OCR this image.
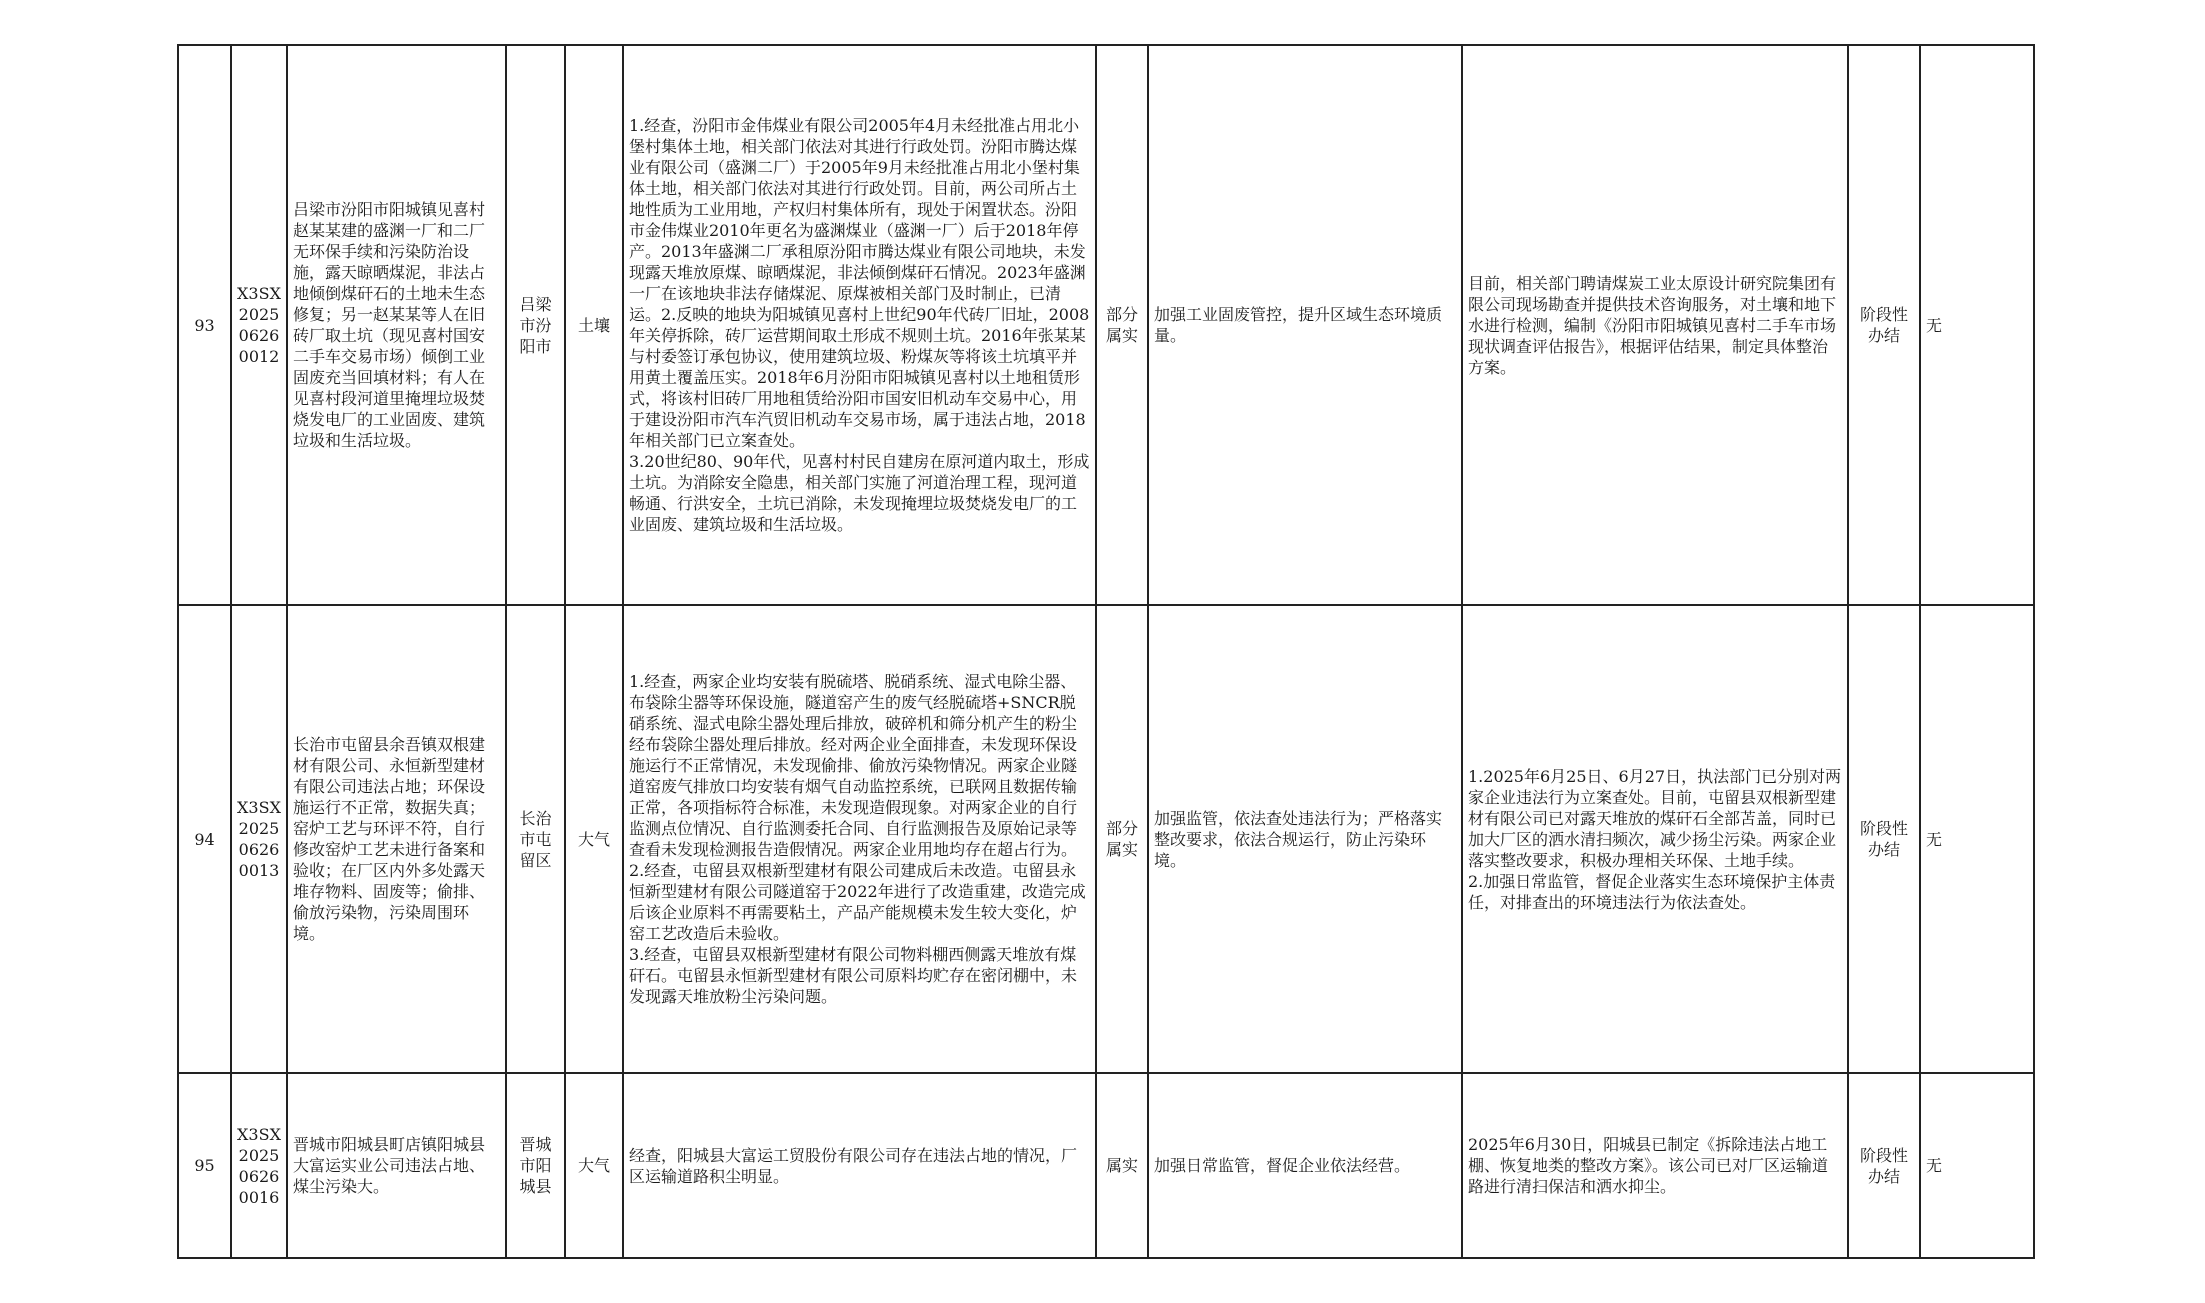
93	X3SX202506260012	吕梁市汾阳市阳城镇见喜村赵某某建的盛渊一厂和二厂无环保手续和污染防治设施，露天晾晒煤泥，非法占地倾倒煤矸石的土地未生态修复；另一赵某某等人在旧砖厂取土坑（现见喜村国安二手车交易市场）倾倒工业固废充当回填材料；有人在见喜村段河道里掩埋垃圾焚烧发电厂的工业固废、建筑垃圾和生活垃圾。	吕梁市汾阳市	土壤	1.经查，汾阳市金伟煤业有限公司2005年4月未经批准占用北小堡村集体土地，相关部门依法对其进行行政处罚。汾阳市腾达煤业有限公司（盛渊二厂）于2005年9月未经批准占用北小堡村集体土地，相关部门依法对其进行行政处罚。目前，两公司所占土地性质为工业用地，产权归村集体所有，现处于闲置状态。汾阳市金伟煤业2010年更名为盛渊煤业（盛渊一厂）后于2018年停产。2013年盛渊二厂承租原汾阳市腾达煤业有限公司地块，未发现露天堆放原煤、晾晒煤泥，非法倾倒煤矸石情况。2023年盛渊一厂在该地块非法存储煤泥、原煤被相关部门及时制止，已清运。2.反映的地块为阳城镇见喜村上世纪90年代砖厂旧址，2008年关停拆除，砖厂运营期间取土形成不规则土坑。2016年张某某与村委签订承包协议，使用建筑垃圾、粉煤灰等将该土坑填平并用黄土覆盖压实。2018年6月汾阳市阳城镇见喜村以土地租赁形式，将该村旧砖厂用地租赁给汾阳市国安旧机动车交易中心，用于建设汾阳市汽车汽贸旧机动车交易市场，属于违法占地，2018年相关部门已立案查处。
3.20世纪80、90年代，见喜村村民自建房在原河道内取土，形成土坑。为消除安全隐患，相关部门实施了河道治理工程，现河道畅通、行洪安全，土坑已消除，未发现掩埋垃圾焚烧发电厂的工业固废、建筑垃圾和生活垃圾。	部分属实	加强工业固废管控，提升区域生态环境质量。	目前，相关部门聘请煤炭工业太原设计研究院集团有限公司现场勘查并提供技术咨询服务，对土壤和地下水进行检测，编制《汾阳市阳城镇见喜村二手车市场现状调查评估报告》，根据评估结果，制定具体整治方案。	阶段性办结	无
94	X3SX202506260013	长治市屯留县余吾镇双根建材有限公司、永恒新型建材有限公司违法占地；环保设施运行不正常，数据失真；窑炉工艺与环评不符，自行修改窑炉工艺未进行备案和验收；在厂区内外多处露天堆存物料、固废等；偷排、偷放污染物，污染周围环境。	长治市屯留区	大气	1.经查，两家企业均安装有脱硫塔、脱硝系统、湿式电除尘器、布袋除尘器等环保设施，隧道窑产生的废气经脱硫塔+SNCR脱硝系统、湿式电除尘器处理后排放，破碎机和筛分机产生的粉尘经布袋除尘器处理后排放。经对两企业全面排查，未发现环保设施运行不正常情况，未发现偷排、偷放污染物情况。两家企业隧道窑废气排放口均安装有烟气自动监控系统，已联网且数据传输正常，各项指标符合标准，未发现造假现象。对两家企业的自行监测点位情况、自行监测委托合同、自行监测报告及原始记录等查看未发现检测报告造假情况。两家企业用地均存在超占行为。
2.经查，屯留县双根新型建材有限公司建成后未改造。屯留县永恒新型建材有限公司隧道窑于2022年进行了改造重建，改造完成后该企业原料不再需要粘土，产品产能规模未发生较大变化，炉窑工艺改造后未验收。
3.经查，屯留县双根新型建材有限公司物料棚西侧露天堆放有煤矸石。屯留县永恒新型建材有限公司原料均贮存在密闭棚中，未发现露天堆放粉尘污染问题。	部分属实	加强监管，依法查处违法行为；严格落实整改要求，依法合规运行，防止污染环境。	1.2025年6月25日、6月27日，执法部门已分别对两家企业违法行为立案查处。目前，屯留县双根新型建材有限公司已对露天堆放的煤矸石全部苫盖，同时已加大厂区的洒水清扫频次，减少扬尘污染。两家企业落实整改要求，积极办理相关环保、土地手续。
2.加强日常监管，督促企业落实生态环境保护主体责任，对排查出的环境违法行为依法查处。	阶段性办结	无
95	X3SX202506260016	晋城市阳城县町店镇阳城县大富运实业公司违法占地、煤尘污染大。	晋城市阳城县	大气	经查，阳城县大富运工贸股份有限公司存在违法占地的情况，厂区运输道路积尘明显。	属实	加强日常监管，督促企业依法经营。	2025年6月30日，阳城县已制定《拆除违法占地工棚、恢复地类的整改方案》。该公司已对厂区运输道路进行清扫保洁和洒水抑尘。	阶段性办结	无
